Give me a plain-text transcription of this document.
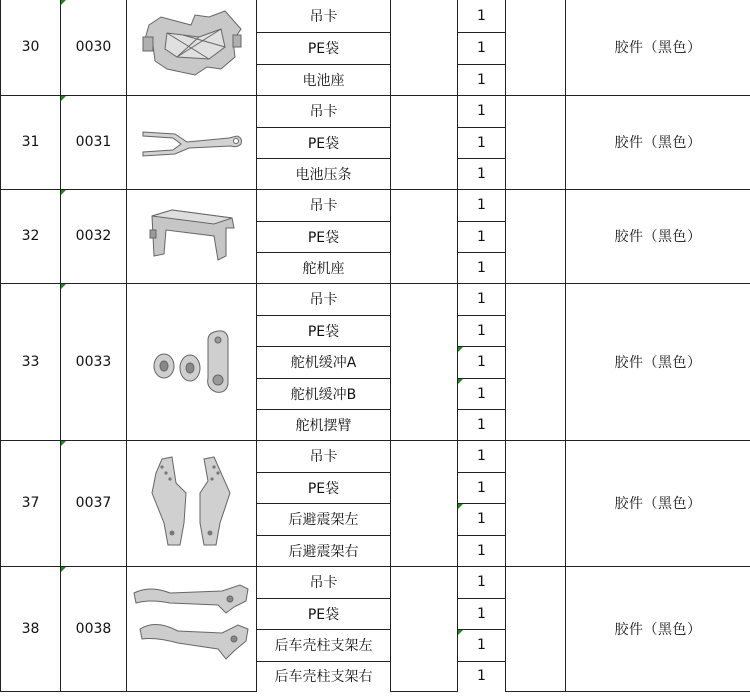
30	0030		吊卡		1		胶件（黑色）
			PE袋		1		
			电池座		1		
31	0031		吊卡		1		胶件（黑色）
			PE袋		1		
			电池压条		1		
32	0032		吊卡		1		胶件（黑色）
			PE袋		1		
			舵机座		1		
33	0033		吊卡		1		胶件（黑色）
			PE袋		1		
			舵机缓冲A		1		
			舵机缓冲B		1		
			舵机摆臂		1		
37	0037		吊卡		1		胶件（黑色）
			PE袋		1		
			后避震架左		1		
			后避震架右		1		
38	0038		吊卡		1		胶件（黑色）
			PE袋		1		
			后车壳柱支架左		1		
			后车壳柱支架右		1		
